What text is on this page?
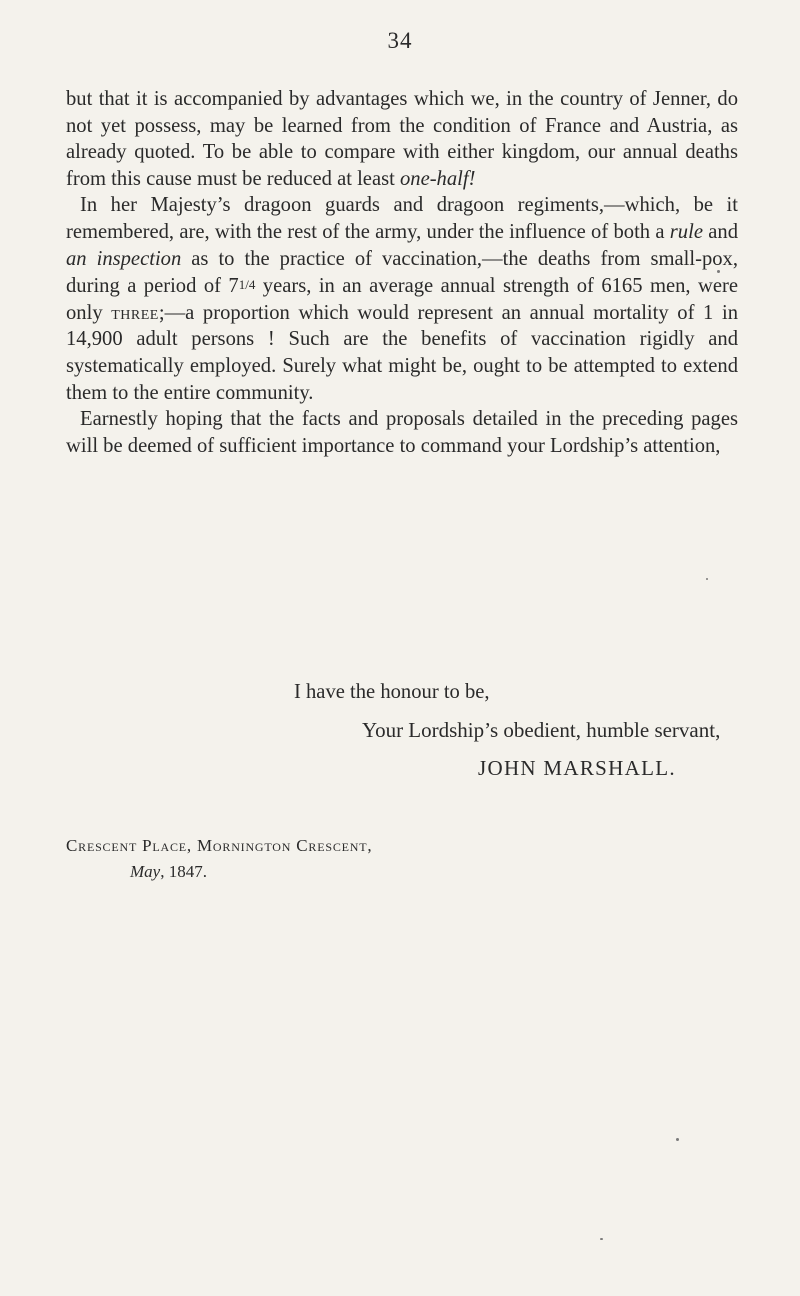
34

but that it is accompanied by advantages which we, in the country of Jenner, do not yet possess, may be learned from the condition of France and Austria, as already quoted. To be able to compare with either kingdom, our annual deaths from this cause must be reduced at least one-half!

In her Majesty’s dragoon guards and dragoon regiments,—which, be it remembered, are, with the rest of the army, under the influence of both a rule and an inspection as to the practice of vaccination,—the deaths from small-pox, during a period of 71/4 years, in an average annual strength of 6165 men, were only three;—a proportion which would represent an annual mortality of 1 in 14,900 adult persons ! Such are the benefits of vaccination rigidly and systematically employed. Surely what might be, ought to be attempted to extend them to the entire community.

Earnestly hoping that the facts and proposals detailed in the preceding pages will be deemed of sufficient importance to command your Lordship’s attention,

I have the honour to be,
Your Lordship’s obedient, humble servant,
JOHN MARSHALL.
Crescent Place, Mornington Crescent,
May, 1847.
